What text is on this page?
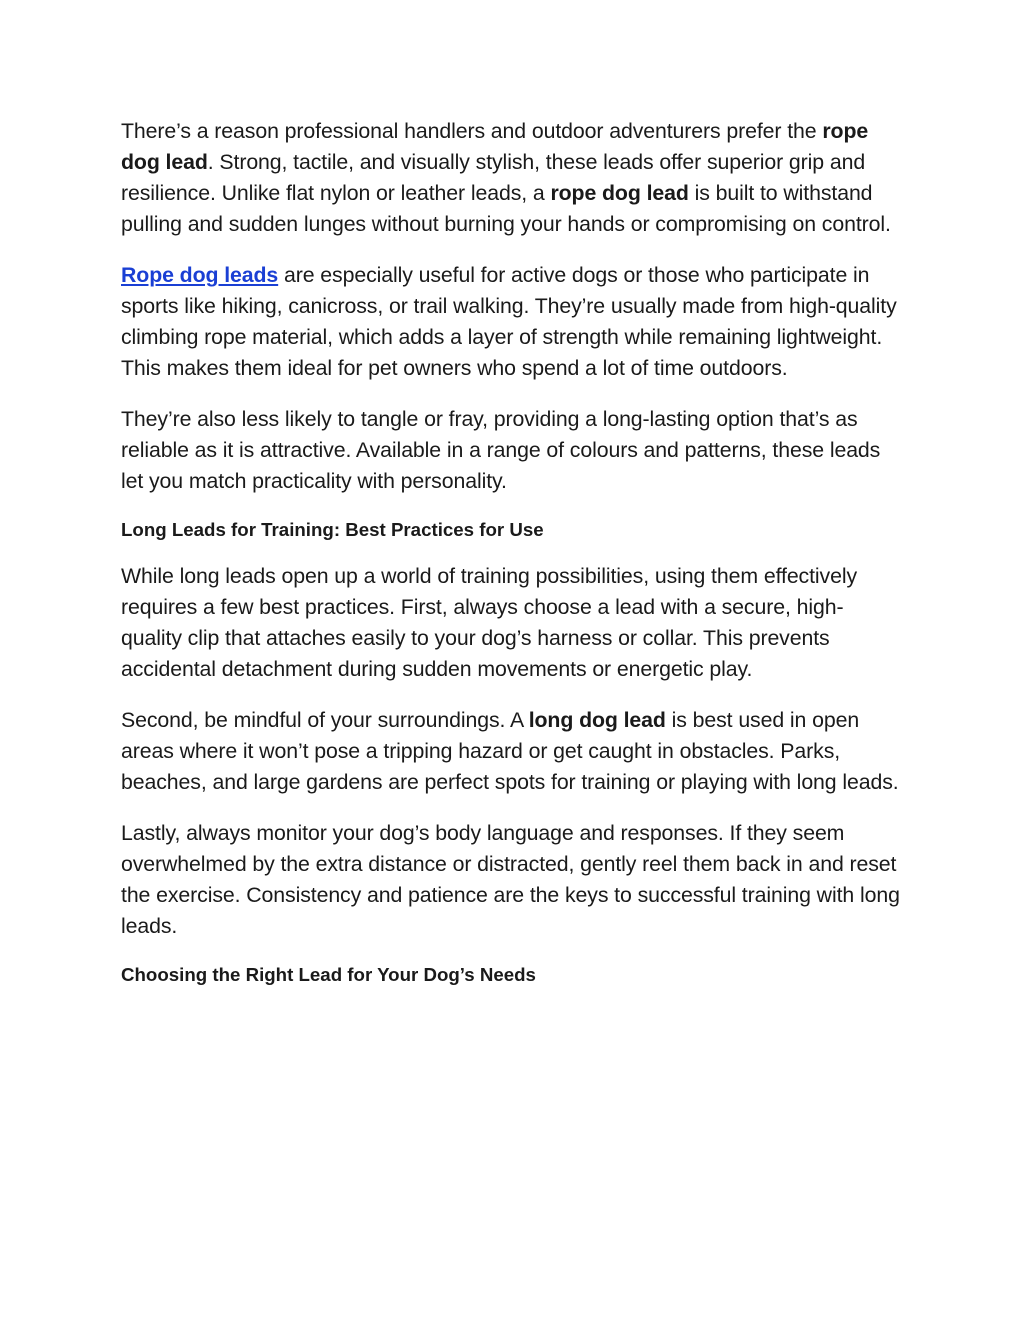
There’s a reason professional handlers and outdoor adventurers prefer the rope dog lead. Strong, tactile, and visually stylish, these leads offer superior grip and resilience. Unlike flat nylon or leather leads, a rope dog lead is built to withstand pulling and sudden lunges without burning your hands or compromising on control.

Rope dog leads are especially useful for active dogs or those who participate in sports like hiking, canicross, or trail walking. They’re usually made from high-quality climbing rope material, which adds a layer of strength while remaining lightweight. This makes them ideal for pet owners who spend a lot of time outdoors.

They’re also less likely to tangle or fray, providing a long-lasting option that’s as reliable as it is attractive. Available in a range of colours and patterns, these leads let you match practicality with personality.

Long Leads for Training: Best Practices for Use

While long leads open up a world of training possibilities, using them effectively requires a few best practices. First, always choose a lead with a secure, high-quality clip that attaches easily to your dog’s harness or collar. This prevents accidental detachment during sudden movements or energetic play.

Second, be mindful of your surroundings. A long dog lead is best used in open areas where it won’t pose a tripping hazard or get caught in obstacles. Parks, beaches, and large gardens are perfect spots for training or playing with long leads.

Lastly, always monitor your dog’s body language and responses. If they seem overwhelmed by the extra distance or distracted, gently reel them back in and reset the exercise. Consistency and patience are the keys to successful training with long leads.

Choosing the Right Lead for Your Dog’s Needs
